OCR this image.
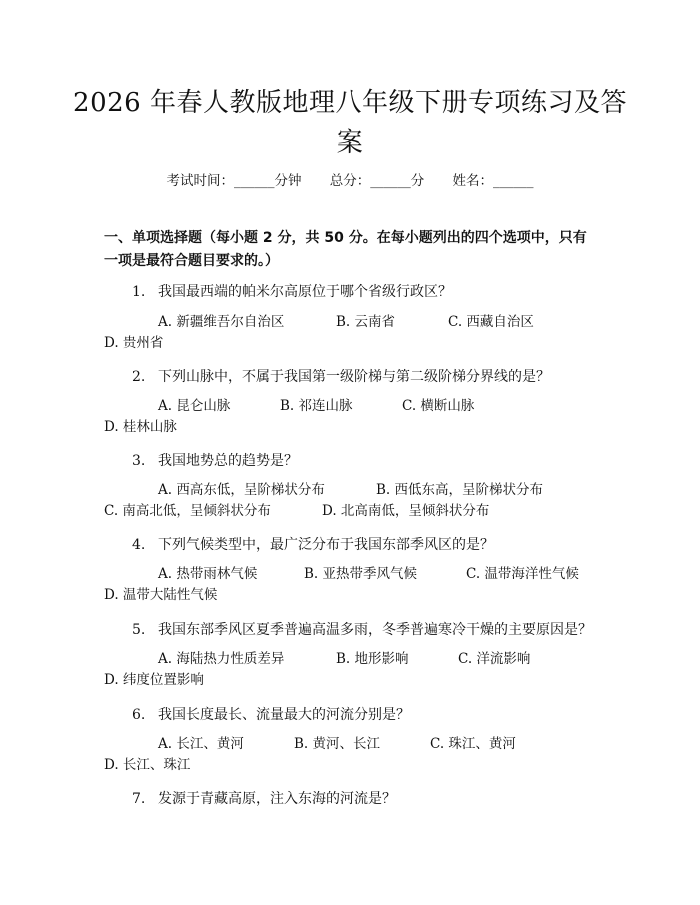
2026 年春人教版地理八年级下册专项练习及答案
考试时间：______分钟 总分：______分 姓名：______
一、单项选择题（每小题 2 分，共 50 分。在每小题列出的四个选项中，只有一项是最符合题目要求的。）
1. 我国最西端的帕米尔高原位于哪个省级行政区？
A. 新疆维吾尔自治区	B. 云南省	C. 西藏自治区D. 贵州省
2. 下列山脉中，不属于我国第一级阶梯与第二级阶梯分界线的是？
A. 昆仑山脉	B. 祁连山脉	C. 横断山脉D. 桂林山脉
3. 我国地势总的趋势是？
A. 西高东低，呈阶梯状分布	B. 西低东高，呈阶梯状分布C. 南高北低，呈倾斜状分布	D. 北高南低，呈倾斜状分布
4. 下列气候类型中，最广泛分布于我国东部季风区的是？
A. 热带雨林气候	B. 亚热带季风气候	C. 温带海洋性气候D. 温带大陆性气候
5. 我国东部季风区夏季普遍高温多雨，冬季普遍寒冷干燥的主要原因是？
A. 海陆热力性质差异	B. 地形影响	C. 洋流影响D. 纬度位置影响
6. 我国长度最长、流量最大的河流分别是？
A. 长江、黄河	B. 黄河、长江	C. 珠江、黄河D. 长江、珠江
7. 发源于青藏高原，注入东海的河流是？
